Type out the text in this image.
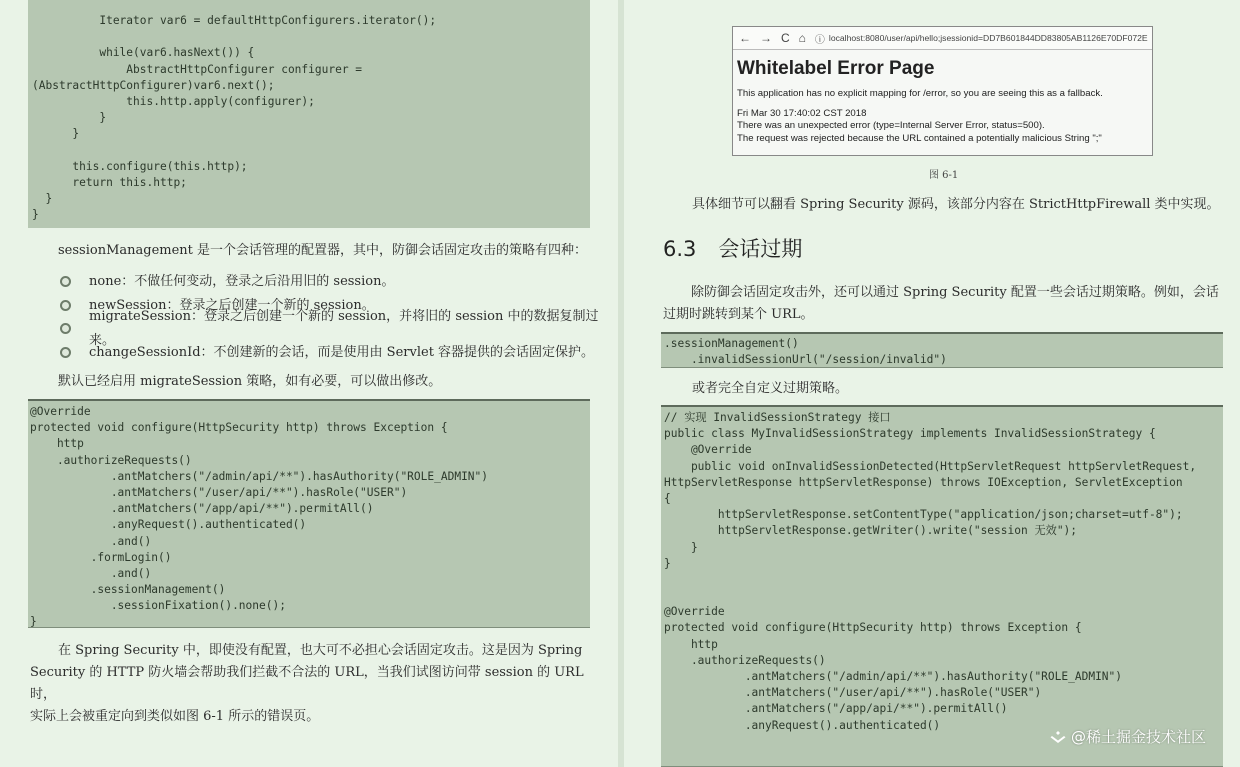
Iterator var6 = defaultHttpConfigurers.iterator();
while(var6.hasNext()) {
AbstractHttpConfigurer configurer =
(AbstractHttpConfigurer)var6.next();
this.http.apply(configurer);
}
}
this.configure(this.http);
return this.http;
}
}
sessionManagement 是一个会话管理的配置器，其中，防御会话固定攻击的策略有四种：
none：不做任何变动，登录之后沿用旧的 session。
newSession：登录之后创建一个新的 session。
migrateSession：登录之后创建一个新的 session，并将旧的 session 中的数据复制过来。
changeSessionId：不创建新的会话，而是使用由 Servlet 容器提供的会话固定保护。
默认已经启用 migrateSession 策略，如有必要，可以做出修改。
@Override
protected void configure(HttpSecurity http) throws Exception {
http
.authorizeRequests()
.antMatchers("/admin/api/**").hasAuthority("ROLE_ADMIN")
.antMatchers("/user/api/**").hasRole("USER")
.antMatchers("/app/api/**").permitAll()
.anyRequest().authenticated()
.and()
.formLogin()
.and()
.sessionManagement()
.sessionFixation().none();
}
在 Spring Security 中，即使没有配置，也大可不必担心会话固定攻击。这是因为 Spring
Security 的 HTTP 防火墙会帮助我们拦截不合法的 URL，当我们试图访问带 session 的 URL 时，
实际上会被重定向到类似如图 6-1 所示的错误页。
← → C ⌂ ⓘ localhost:8080/user/api/hello;jsessionid=DD7B601844DD83805AB1126E70DF072E
Whitelabel Error Page
This application has no explicit mapping for /error, so you are seeing this as a fallback.
Fri Mar 30 17:40:02 CST 2018
There was an unexpected error (type=Internal Server Error, status=500).
The request was rejected because the URL contained a potentially malicious String ";"
图 6-1
具体细节可以翻看 Spring Security 源码，该部分内容在 StrictHttpFirewall 类中实现。
6.3 会话过期
除防御会话固定攻击外，还可以通过 Spring Security 配置一些会话过期策略。例如，会话
过期时跳转到某个 URL。
.sessionManagement()
.invalidSessionUrl("/session/invalid")
或者完全自定义过期策略。
// 实现 InvalidSessionStrategy 接口
public class MyInvalidSessionStrategy implements InvalidSessionStrategy {
@Override
public void onInvalidSessionDetected(HttpServletRequest httpServletRequest,
HttpServletResponse httpServletResponse) throws IOException, ServletException
{
httpServletResponse.setContentType("application/json;charset=utf-8");
httpServletResponse.getWriter().write("session 无效");
}
}
@Override
protected void configure(HttpSecurity http) throws Exception {
http
.authorizeRequests()
.antMatchers("/admin/api/**").hasAuthority("ROLE_ADMIN")
.antMatchers("/user/api/**").hasRole("USER")
.antMatchers("/app/api/**").permitAll()
.anyRequest().authenticated()
@稀土掘金技术社区
